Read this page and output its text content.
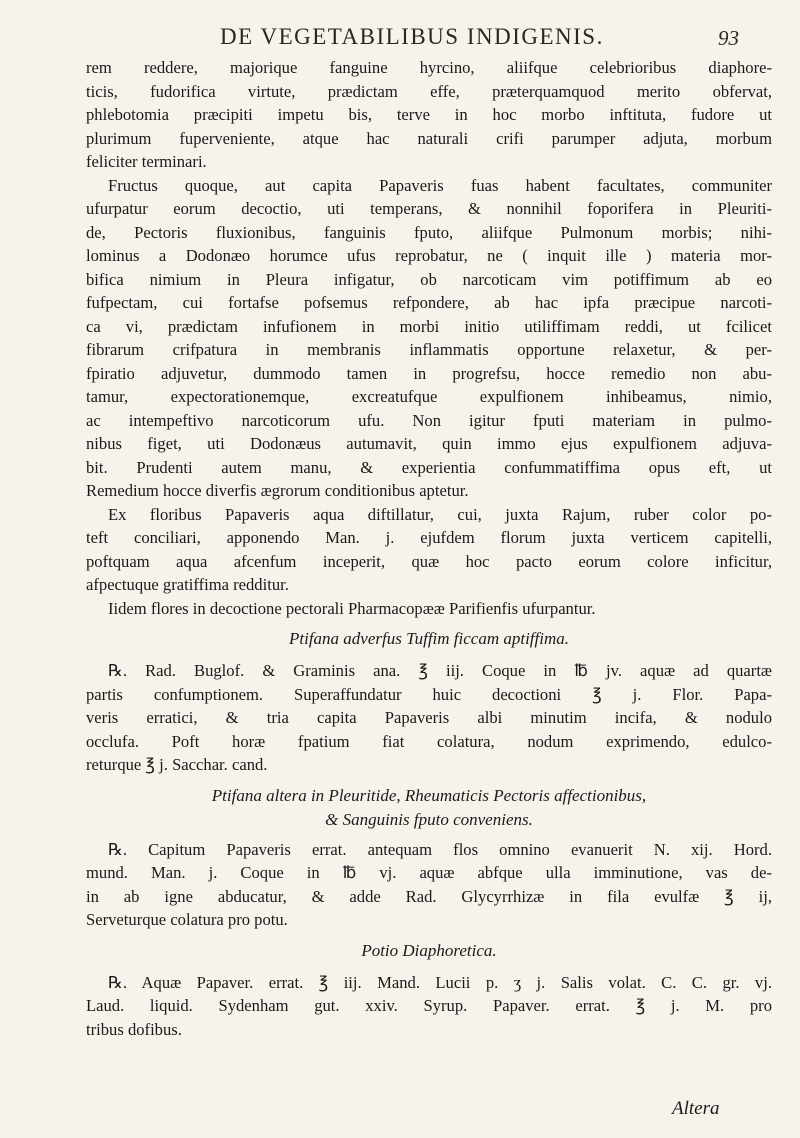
DE VEGETABILIBUS INDIGENIS.	93
rem reddere, majorique fanguine hyrcino, aliifque celebrioribus diaphore-
ticis, fudorifica virtute, prædictam effe, præterquamquod merito obfervat,
phlebotomia præcipiti impetu bis, terve in hoc morbo inftituta, fudore ut
plurimum fuperveniente, atque hac naturali crifi parumper adjuta, morbum
feliciter terminari.
Fructus quoque, aut capita Papaveris fuas habent facultates, communiter
ufurpatur eorum decoctio, uti temperans, & nonnihil foporifera in Pleuriti-
de, Pectoris fluxionibus, fanguinis fputo, aliifque Pulmonum morbis; nihi-
lominus a Dodonæo horumce ufus reprobatur, ne ( inquit ille ) materia mor-
bifica nimium in Pleura infigatur, ob narcoticam vim potiffimum ab eo
fufpectam, cui fortafse pofsemus refpondere, ab hac ipfa præcipue narcoti-
ca vi, prædictam infufionem in morbi initio utiliffimam reddi, ut fcilicet
fibrarum crifpatura in membranis inflammatis opportune relaxetur, & per-
fpiratio adjuvetur, dummodo tamen in progrefsu, hocce remedio non abu-
tamur, expectorationemque, excreatufque expulfionem inhibeamus, nimio,
ac intempeftivo narcoticorum ufu. Non igitur fputi materiam in pulmo-
nibus figet, uti Dodonæus autumavit, quin immo ejus expulfionem adjuva-
bit. Prudenti autem manu, & experientia confummatiffima opus eft, ut
Remedium hocce diverfis ægrorum conditionibus aptetur.
Ex floribus Papaveris aqua diftillatur, cui, juxta Rajum, ruber color po-
teft conciliari, apponendo Man. j. ejufdem florum juxta verticem capitelli,
poftquam aqua afcenfum inceperit, quæ hoc pacto eorum colore inficitur,
afpectuque gratiffima redditur.
Iidem flores in decoctione pectorali Pharmacopææ Parifienfis ufurpantur.
Ptifana adverfus Tuffim ficcam aptiffima.
℞. Rad. Buglof. & Graminis ana. ℥ iij. Coque in ℔ jv. aquæ ad quartæ
partis confumptionem. Superaffundatur huic decoctioni ℥ j. Flor. Papa-
veris erratici, & tria capita Papaveris albi minutim incifa, & nodulo
occlufa. Poft horæ fpatium fiat colatura, nodum exprimendo, edulco-
returque ℥ j. Sacchar. cand.
Ptifana altera in Pleuritide, Rheumaticis Pectoris affectionibus,
& Sanguinis fputo conveniens.
℞. Capitum Papaveris errat. antequam flos omnino evanuerit N. xij. Hord.
mund. Man. j. Coque in ℔ vj. aquæ abfque ulla imminutione, vas de-
in ab igne abducatur, & adde Rad. Glycyrrhizæ in fila evulfæ ℥ ij,
Serveturque colatura pro potu.
Potio Diaphoretica.
℞. Aquæ Papaver. errat. ℥ iij. Mand. Lucii p. ʒ j. Salis volat. C. C. gr. vj.
Laud. liquid. Sydenham gut. xxiv. Syrup. Papaver. errat. ℥ j. M. pro
tribus dofibus.
Altera
